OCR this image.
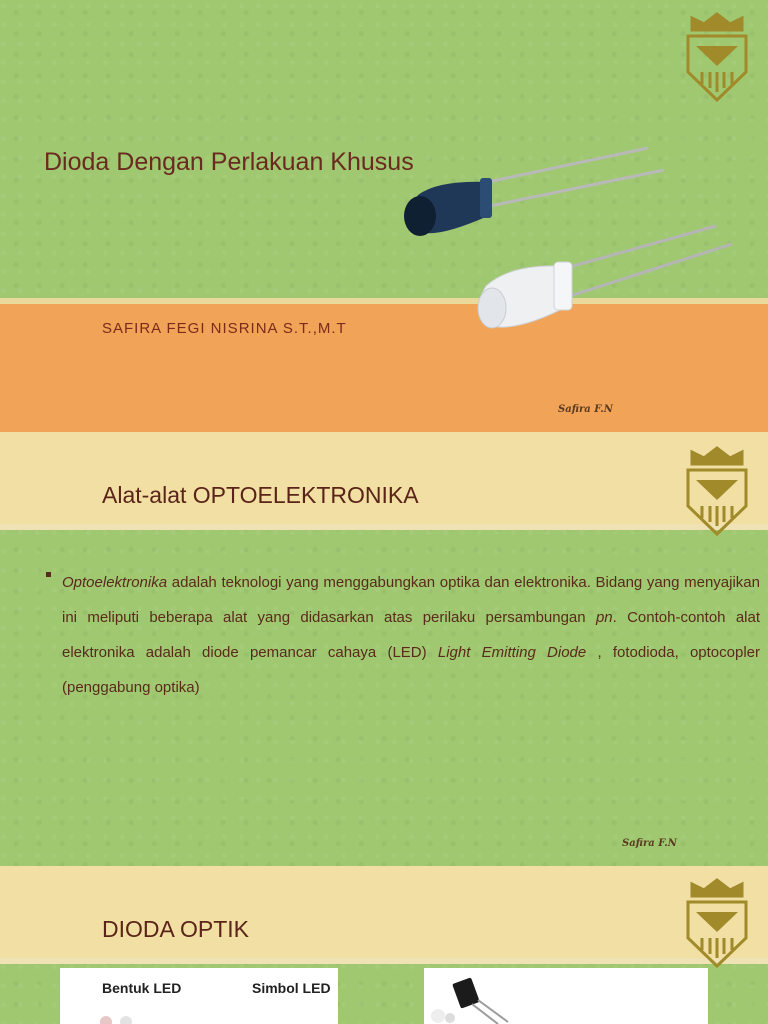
Dioda Dengan Perlakuan Khusus
SAFIRA FEGI NISRINA S.T.,M.T
Safira F.N
Alat-alat OPTOELEKTRONIKA
Optoelektronika adalah teknologi yang menggabungkan optika dan elektronika. Bidang yang menyajikan ini meliputi beberapa alat yang didasarkan atas perilaku persambungan pn. Contoh-contoh alat elektronika adalah diode pemancar cahaya (LED) Light Emitting Diode , fotodioda, optocopler (penggabung optika)
Safira F.N
DIODA OPTIK
Bentuk LED	Simbol LED
